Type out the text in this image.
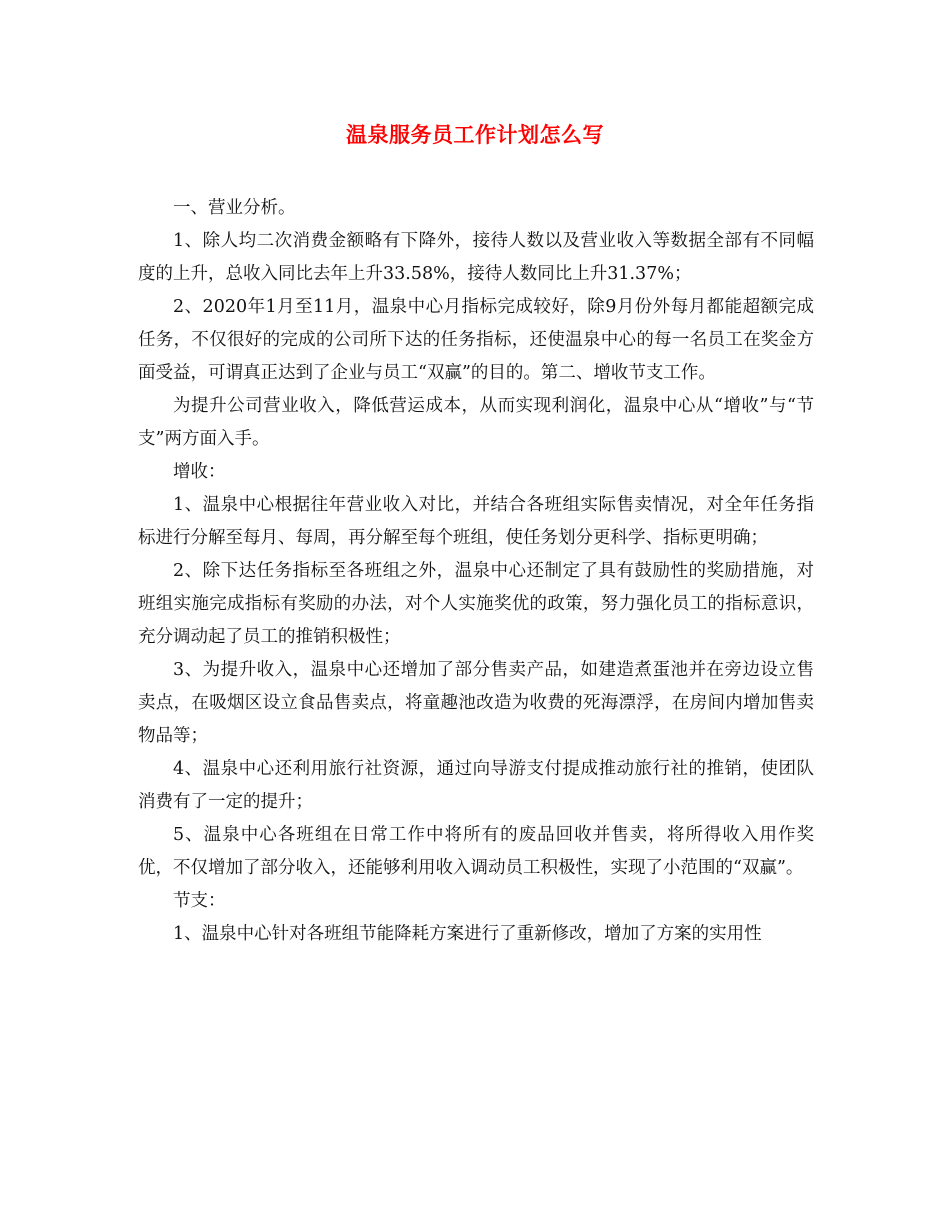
温泉服务员工作计划怎么写

一、营业分析。

1、除人均二次消费金额略有下降外，接待人数以及营业收入等数据全部有不同幅度的上升，总收入同比去年上升33.58%，接待人数同比上升31.37%；

2、2020年1月至11月，温泉中心月指标完成较好，除9月份外每月都能超额完成任务，不仅很好的完成的公司所下达的任务指标，还使温泉中心的每一名员工在奖金方面受益，可谓真正达到了企业与员工“双赢”的目的。第二、增收节支工作。

为提升公司营业收入，降低营运成本，从而实现利润化，温泉中心从“增收”与“节支”两方面入手。

增收：

1、温泉中心根据往年营业收入对比，并结合各班组实际售卖情况，对全年任务指标进行分解至每月、每周，再分解至每个班组，使任务划分更科学、指标更明确；

2、除下达任务指标至各班组之外，温泉中心还制定了具有鼓励性的奖励措施，对班组实施完成指标有奖励的办法，对个人实施奖优的政策，努力强化员工的指标意识，充分调动起了员工的推销积极性；

3、为提升收入，温泉中心还增加了部分售卖产品，如建造煮蛋池并在旁边设立售卖点，在吸烟区设立食品售卖点，将童趣池改造为收费的死海漂浮，在房间内增加售卖物品等；

4、温泉中心还利用旅行社资源，通过向导游支付提成推动旅行社的推销，使团队消费有了一定的提升；

5、温泉中心各班组在日常工作中将所有的废品回收并售卖，将所得收入用作奖优，不仅增加了部分收入，还能够利用收入调动员工积极性，实现了小范围的“双赢”。

节支：

1、温泉中心针对各班组节能降耗方案进行了重新修改，增加了方案的实用性
